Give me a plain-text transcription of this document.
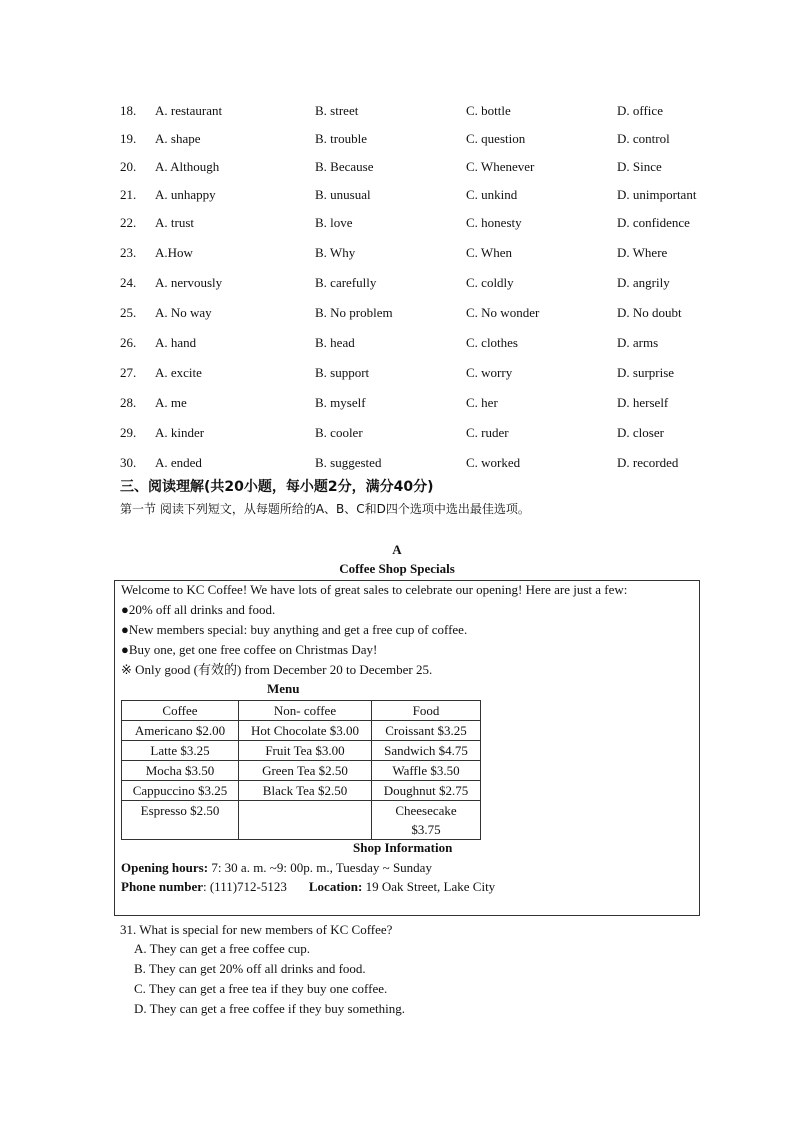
18. A. restaurant	B. street	C. bottle	D. office
19. A. shape	B. trouble	C. question	D. control
20. A. Although	B. Because	C. Whenever	D. Since
21. A. unhappy	B. unusual	C. unkind	D. unimportant
22. A. trust	B. love	C. honesty	D. confidence
23. A.How	B. Why	C. When	D. Where
24. A. nervously	B. carefully	C. coldly	D. angrily
25. A. No way	B. No problem	C. No wonder	D. No doubt
26. A. hand	B. head	C. clothes	D. arms
27. A. excite	B. support	C. worry	D. surprise
28. A. me	B. myself	C. her	D. herself
29. A. kinder	B. cooler	C. ruder	D. closer
30. A. ended	B. suggested	C. worked	D. recorded
三、阅读理解(共20小题，每小题2分，满分40分)
第一节 阅读下列短文，从每题所给的A、B、C和D四个选项中选出最佳选项。
A
Coffee Shop Specials
Welcome to KC Coffee! We have lots of great sales to celebrate our opening! Here are just a few:
●20% off all drinks and food.
●New members special: buy anything and get a free cup of coffee.
●Buy one, get one free coffee on Christmas Day!
※ Only good (有效的) from December 20 to December 25.
Menu
Coffee	Non- coffee	Food
Americano $2.00	Hot Chocolate $3.00	Croissant $3.25
Latte $3.25	Fruit Tea $3.00	Sandwich $4.75
Mocha $3.50	Green Tea $2.50	Waffle $3.50
Cappuccino $3.25	Black Tea $2.50	Doughnut $2.75
Espresso $2.50		Cheesecake
$3.75
Shop Information
Opening hours: 7: 30 a. m. ~9: 00p. m., Tuesday ~ Sunday
Phone number: (111)712-5123 Location: 19 Oak Street, Lake City
31. What is special for new members of KC Coffee?
A. They can get a free coffee cup.
B. They can get 20% off all drinks and food.
C. They can get a free tea if they buy one coffee.
D. They can get a free coffee if they buy something.
